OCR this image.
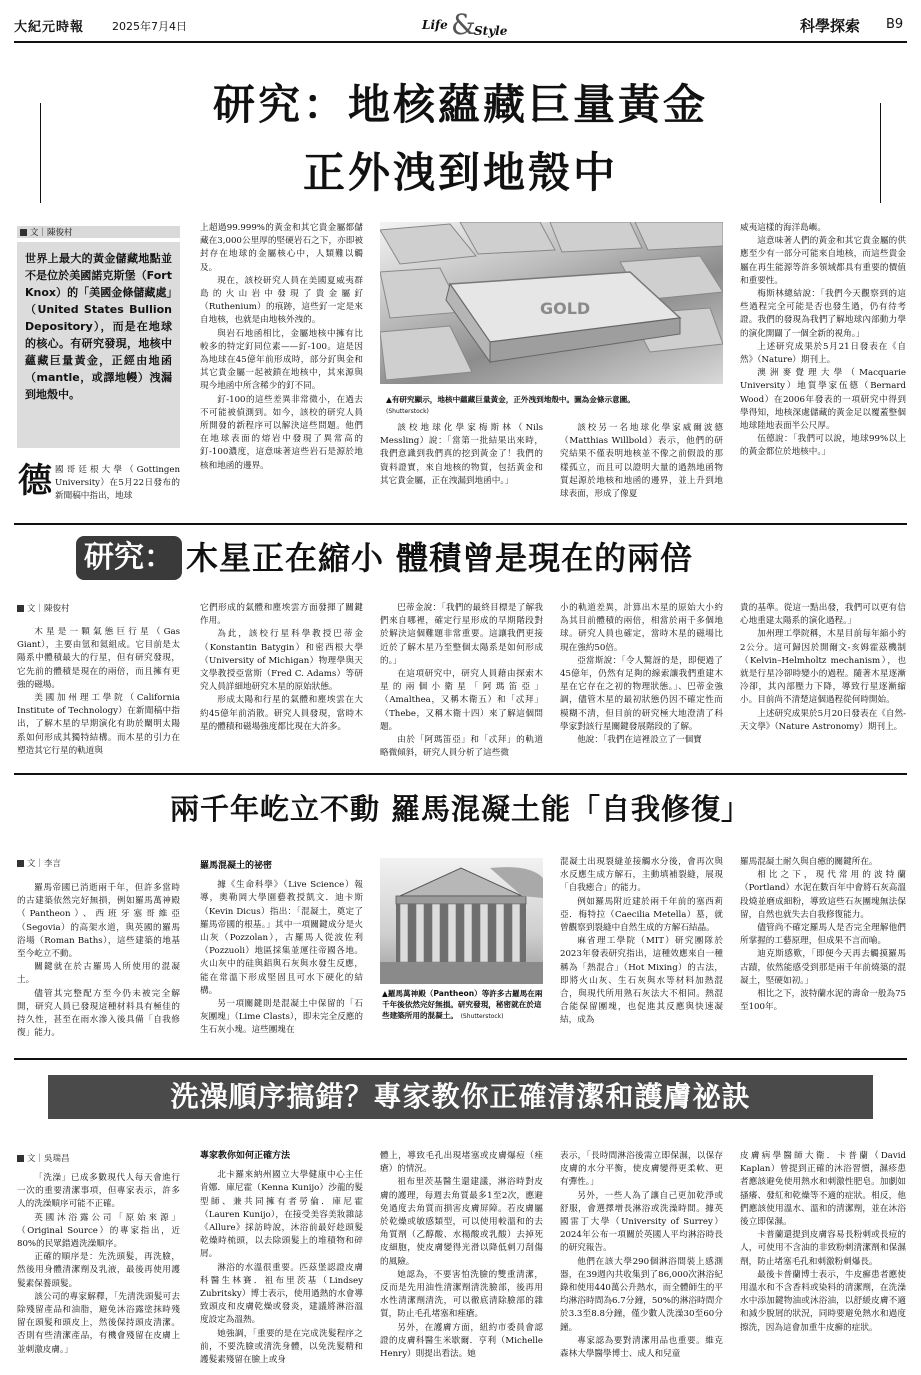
大紀元時報	2025年7月4日	Life &
Style	科學探索 B9
研究：地核蘊藏巨量黃金
正外洩到地殼中
文｜陳俊村
世界上最大的黃金儲藏地點並不是位於美國諾克斯堡（Fort Knox）的「美國金條儲藏處」（United States Bullion Depository），而是在地球的核心。有研究發現，地核中蘊藏巨量黃金，正經由地函（mantle，或譯地幔）洩漏到地殼中。
德 國哥廷根大學（Gottingen University）在5月22日發布的新聞稿中指出，地球

上超過99.999%的黃金和其它貴金屬都儲藏在3,000公里厚的堅硬岩石之下，亦即被封存在地球的金屬核心中，人類難以觸及。

現在，該校研究人員在美國夏威夷群島的火山岩中發現了貴金屬釕（Ruthenium）的痕跡，這些釕一定是來自地核，也就是由地核外洩的。

與岩石地函相比，金屬地核中擁有比較多的特定釘同位素——釕-100。這是因為地球在45億年前形成時，部分釕與金和其它貴金屬一起被鎖在地核中，其來源與現今地函中所含稀少的釘不同。

釕-100的這些差異非常微小，在過去不可能被偵測到。如今，該校的研究人員所開發的新程序可以解決這些問題。他們在地球表面的熔岩中發現了異常高的釘-100濃度，這意味著這些岩石是源於地核和地函的邊界。

GOLD
▲有研究顯示，地核中蘊藏巨量黃金，正外洩到地殼中。圖為金條示意圖。
(Shutterstock)

該校地球化學家梅斯林（Nils Messling）說：「當第一批結果出來時，我們意識到我們真的挖到黃金了！我們的資料證實，來自地核的物質，包括黃金和其它貴金屬，正在洩漏到地函中。」

該校另一名地球化學家威爾波德（Matthias Willbold）表示，他們的研究結果不僅表明地核並不像之前假設的那樣孤立，而且可以證明大量的過熱地函物質起源於地核和地函的邊界，並上升到地球表面，形成了像夏

威夷這樣的海洋島嶼。

這意味著人們的黃金和其它貴金屬的供應至少有一部分可能來自地核，而這些貴金屬在再生能源等許多領域都具有重要的價值和重要性。

梅斯林總結說：「我們今天觀察到的這些過程完全可能是否也發生過，仍有待考證。我們的發現為我們了解地球內部動力學的演化開闢了一個全新的視角。」

上述研究成果於5月21日發表在《自然》（Nature）期刊上。

澳洲麥覺理大學（Macquarie University）地質學家伍德（Bernard Wood）在2006年發表的一項研究中得到學得知，地核深處儲藏的黃金足以覆蓋整個地球陸地表面半公尺厚。

伍德說：「我們可以說，地球99%以上的黃金都位於地核中。」

研究： 木星正在縮小 體積曾是現在的兩倍
文｜陳俊村

木星是一顆氣態巨行星（Gas Giant），主要由氫和氦組成。它目前是太陽系中體積最大的行星，但有研究發現，它先前的體積是現在的兩倍，而且擁有更強的磁場。

美國加州理工學院（California Institute of Technology）在新聞稿中指出，了解木星的早期演化有助於闡明太陽系如何形成其獨特結構。而木星的引力在塑造其它行星的軌道與

它們形成的氣體和塵埃雲方面發揮了關鍵作用。

為此，該校行星科學教授巴蒂金（Konstantin Batygin）和密西根大學（University of Michigan）物理學與天文學教授亞當斯（Fred C. Adams）等研究人員詳細地研究木星的原始狀態。

形成太陽和行星的氣體和塵埃雲在大約45億年前消散。研究人員發現，當時木星的體積和磁場強度都比現在大許多。

巴蒂金說：「我們的最終目標是了解我們來自哪裡，確定行星形成的早期階段對於解決這個難題非常重要。這讓我們更接近於了解木星乃至整個太陽系是如何形成的。」

在這項研究中，研究人員藉由探索木星的兩個小衛星「阿瑪笛亞」（Amalthea，又稱木衛五）和「忒拜」（Thebe，又稱木衛十四）來了解這個問題。

由於「阿瑪笛亞」和「忒拜」的軌道略微傾斜，研究人員分析了這些微

小的軌道差異，計算出木星的原始大小約為其目前體積的兩倍，相當於兩千多個地球。研究人員也確定，當時木星的磁場比現在強約50倍。

亞當斯說：「令人驚訝的是，即便過了45億年，仍然有足夠的線索讓我們重建木星在它存在之初的物理狀態。」、巴蒂金強調，儘管木星的最初狀態仍因不確定性而模糊不清，但目前的研究極大地澄清了科學家對該行星關鍵發展階段的了解。

他說：「我們在這裡設立了一個寶

貴的基準。從這一點出發，我們可以更有信心地重建太陽系的演化過程。」

加州理工學院稱，木星目前每年縮小約2公分。這可歸因於開爾文-亥姆霍茲機制（Kelvin–Helmholtz mechanism），也就是行星冷卻時變小的過程。隨著木星逐漸冷卻，其內部壓力下降，導致行星逐漸縮小。目前尚不清楚這個過程從何時開始。

上述研究成果於5月20日發表在《自然-天文學》（Nature Astronomy）期刊上。

兩千年屹立不動 羅馬混凝土能「自我修復」
文｜李言

羅馬帝國已消逝兩千年，但許多當時的古建築依然完好無損，例如羅馬萬神殿（Pantheon）、西班牙塞哥維亞（Segovia）的高架水道，與英國的羅馬浴場（Roman Baths），這些建築的地基至今屹立不動。

關鍵就在於古羅馬人所使用的混凝土。

儘管其完整配方至今仍未被完全解開，研究人員已發現這種材料具有極佳的持久性，甚至在雨水滲入後具備「自我修復」能力。

羅馬混凝土的祕密

據《生命科學》（Live Science）報導，奧勒岡大學園藝教授凱文．迪卡斯（Kevin Dicus）指出：「混凝土，奠定了羅馬帝國的根基。」其中一項關鍵成分是火山灰（Pozzolan），古羅馬人從波佐利（Pozzuoli）地區採集並運往帝國各地。火山灰中的硅與鋁與石灰與水發生反應，能在常溫下形成堅固且可水下硬化的結構。

另一項關鍵則是混凝土中保留的「石灰團塊」（Lime Clasts），即未完全反應的生石灰小塊。這些團塊在

▲羅馬萬神殿（Pantheon）等許多古羅馬在兩千年後依然完好無損。研究發現，秘密就在於這些建築所用的混凝土。 (Shutterstock)

混凝土出現裂縫並接觸水分後，會再次與水反應生成方解石，主動填補裂縫，展現「自我癒合」的能力。

例如羅馬附近建於兩千年前的塞西莉亞．梅特拉（Caecilia Metella）墓，就曾觀察到裂縫中自然生成的方解石結晶。

麻省理工學院（MIT）研究團隊於2023年發表研究指出，這種效應來自一種稱為「熱混合」（Hot Mixing）的古法，即將火山灰、生石灰與水等材料加熱混合，與現代所用熟石灰法大不相同。熱混合能保留團塊，也促進其反應與快速凝結，成為

羅馬混凝土耐久與自癒的關鍵所在。

相比之下，現代常用的波特蘭（Portland）水泥在數百年中會將石灰高溫段燒並磨成細粉，導致這些石灰團塊無法保留，自然也就失去自我修復能力。

儘管尚不確定羅馬人是否完全理解他們所掌握的工藝原理，但成果不言而喻。

迪克斯感歎，「即便今天再去觸摸羅馬古蹟，依然能感受到那是兩千年前燒築的混凝土，堅硬如初。」

相比之下，波特蘭水泥的壽命一般為75至100年。

洗澡順序搞錯？專家教你正確清潔和護膚祕訣
文｜吳瑞昌

「洗澡」已成多數現代人每天會進行一次的重要清潔事項，但專家表示，許多人的洗澡順序可能不正確。

英國沐浴露公司「原始來源」（Original Source）的專家指出，近80%的民眾錯過洗澡順序。

正確的順序是：先洗頭髮，再洗臉，然後用身體清潔劑及乳液，最後再使用護髮素保養頭髮。

該公司的專家解釋，「先清洗頭髮可去除殘留產品和油脂，避免沐浴露塗抹時殘留在頭髮和頭皮上，然後保持頭皮清潔。否則有些清潔產品，有機會殘留在皮膚上並刺激皮膚。」

專家教你如何正確方法

北卡羅來納州國立大學健康中心主任肯娜．庫尼霍（Kenna Kunijo）沙龍的髮型師、兼共同擁有者勞倫．庫尼霍（Lauren Kunijo），在接受美容美妝雜誌《Allure》採訪時說，沐浴前最好趁頭髮乾燥時梳頭，以去除頭髮上的堆積物和碎屑。

淋浴的水溫很重要。匹茲堡認證皮膚科醫生林賽．祖布里茨基（Lindsey Zubritsky）博士表示，使用過熱的水會導致頭皮和皮膚乾燥或發炎，建議將淋浴溫度設定為溫熱。

她強調，「重要的是在完成洗髮程序之前，不要洗臉或清洗身體，以免洗髮精和護髮素殘留在臉上或身

體上，導致毛孔出現堵塞或皮膚爆痘（痤瘡）的情況。

祖布里茨基醫生還建議，淋浴時對皮膚的護理，每週去角質最多1至2次，應避免過度去角質而損害皮膚屏障。若皮膚屬於乾燥或敏感類型，可以使用較溫和的去角質劑（乙醇酸、水楊酸或乳酸）去掉死皮細胞，使皮膚變得光滑以降低刺刀刮傷的風險。

她認為，不要害怕洗臉的雙重清潔，反而是先用油性清潔劑清洗臉部，後再用水性清潔劑清洗，可以徹底清除臉部的雜質，防止毛孔堵塞和痤瘡。

另外，在護膚方面，紐約市委員會認證的皮膚科醫生米歇爾．亨利（Michelle Henry）則提出看法。她

表示，「長時間淋浴後需立即保濕，以保存皮膚的水分平衡，使皮膚變得更柔軟、更有彈性。」

另外，一些人為了讓自己更加乾淨或舒服，會選擇增長淋浴或洗澡時間。據英國雷丁大學（University of Surrey）2024年公布一項關於英國人平均淋浴時長的研究報告。

他們在該大學290個淋浴間裝上感測器，在39週內共收集到了86,000次淋浴紀錄和使用440萬公升熱水，而全體師生的平均淋浴時間為6.7分鐘，50%的淋浴時間介於3.3至8.8分鐘，僅少數人洗澡30至60分鐘。

專家認為要對清潔用品也重要。維克森林大學醫學博士、成人和兒童

皮膚病學醫師大衛．卡普蘭（David Kaplan）曾提到正確的沐浴習慣，濕疹患者應該避免使用熱水和刺激性肥皂。加劇如搔癢、發紅和乾燥等不適的症狀。相反，他們應該使用溫水、溫和的清潔劑，並在沐浴後立即保濕。

卡普蘭還提到皮膚容易長粉刺或長痘的人，可使用不含油的非致粉刺清潔劑和保濕劑，防止堵塞毛孔和刺激粉刺爆長。

最後卡普蘭博士表示，牛皮癬患者應使用溫水和不含香料或染料的清潔劑，在洗澡水中添加鍵物油或沐浴油，以舒緩皮膚不適和減少脫屑的狀況，同時要避免熱水和過度擦洗，因為這會加重牛皮癬的症狀。
